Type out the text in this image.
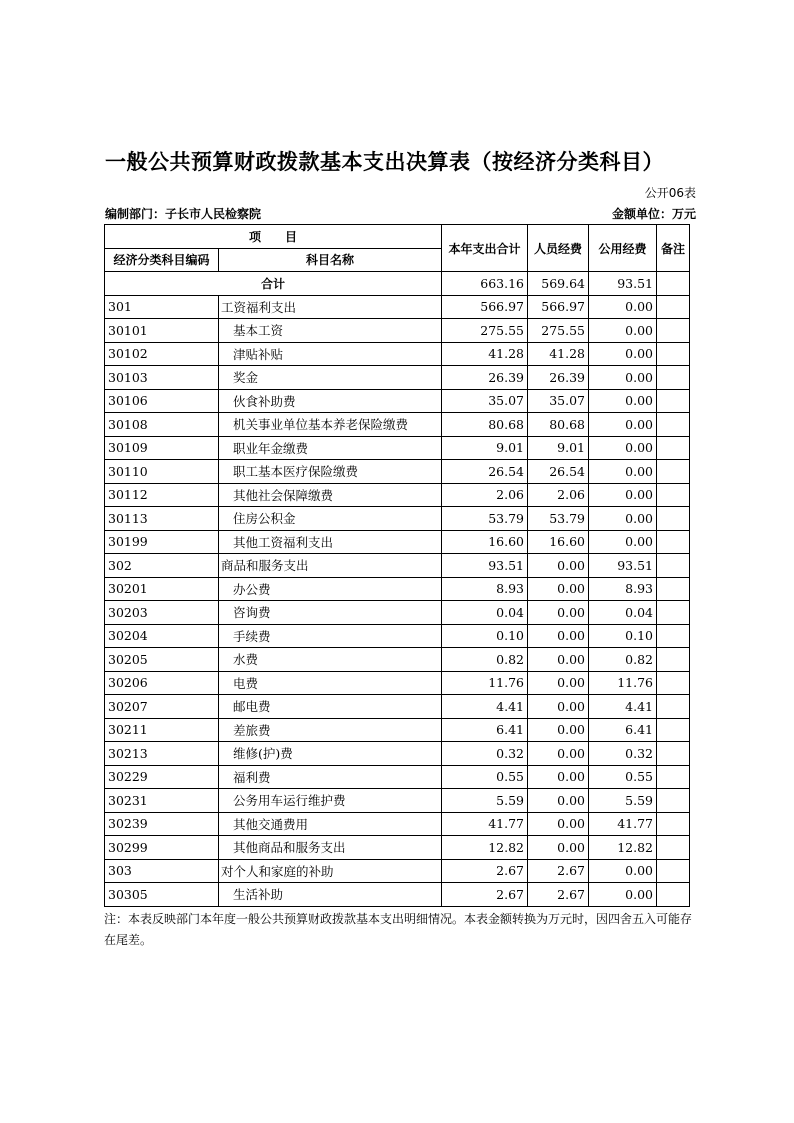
一般公共预算财政拨款基本支出决算表（按经济分类科目）
公开06表
编制部门：子长市人民检察院	金额单位：万元
项　　目		本年支出合计	人员经费	公用经费	备注
经济分类科目编码	科目名称				
合计		663.16	569.64	93.51	
301	工资福利支出	566.97	566.97	0.00	
30101	基本工资	275.55	275.55	0.00	
30102	津贴补贴	41.28	41.28	0.00	
30103	奖金	26.39	26.39	0.00	
30106	伙食补助费	35.07	35.07	0.00	
30108	机关事业单位基本养老保险缴费	80.68	80.68	0.00	
30109	职业年金缴费	9.01	9.01	0.00	
30110	职工基本医疗保险缴费	26.54	26.54	0.00	
30112	其他社会保障缴费	2.06	2.06	0.00	
30113	住房公积金	53.79	53.79	0.00	
30199	其他工资福利支出	16.60	16.60	0.00	
302	商品和服务支出	93.51	0.00	93.51	
30201	办公费	8.93	0.00	8.93	
30203	咨询费	0.04	0.00	0.04	
30204	手续费	0.10	0.00	0.10	
30205	水费	0.82	0.00	0.82	
30206	电费	11.76	0.00	11.76	
30207	邮电费	4.41	0.00	4.41	
30211	差旅费	6.41	0.00	6.41	
30213	维修(护)费	0.32	0.00	0.32	
30229	福利费	0.55	0.00	0.55	
30231	公务用车运行维护费	5.59	0.00	5.59	
30239	其他交通费用	41.77	0.00	41.77	
30299	其他商品和服务支出	12.82	0.00	12.82	
303	对个人和家庭的补助	2.67	2.67	0.00	
30305	生活补助	2.67	2.67	0.00	
注：本表反映部门本年度一般公共预算财政拨款基本支出明细情况。本表金额转换为万元时，因四舍五入可能存在尾差。
